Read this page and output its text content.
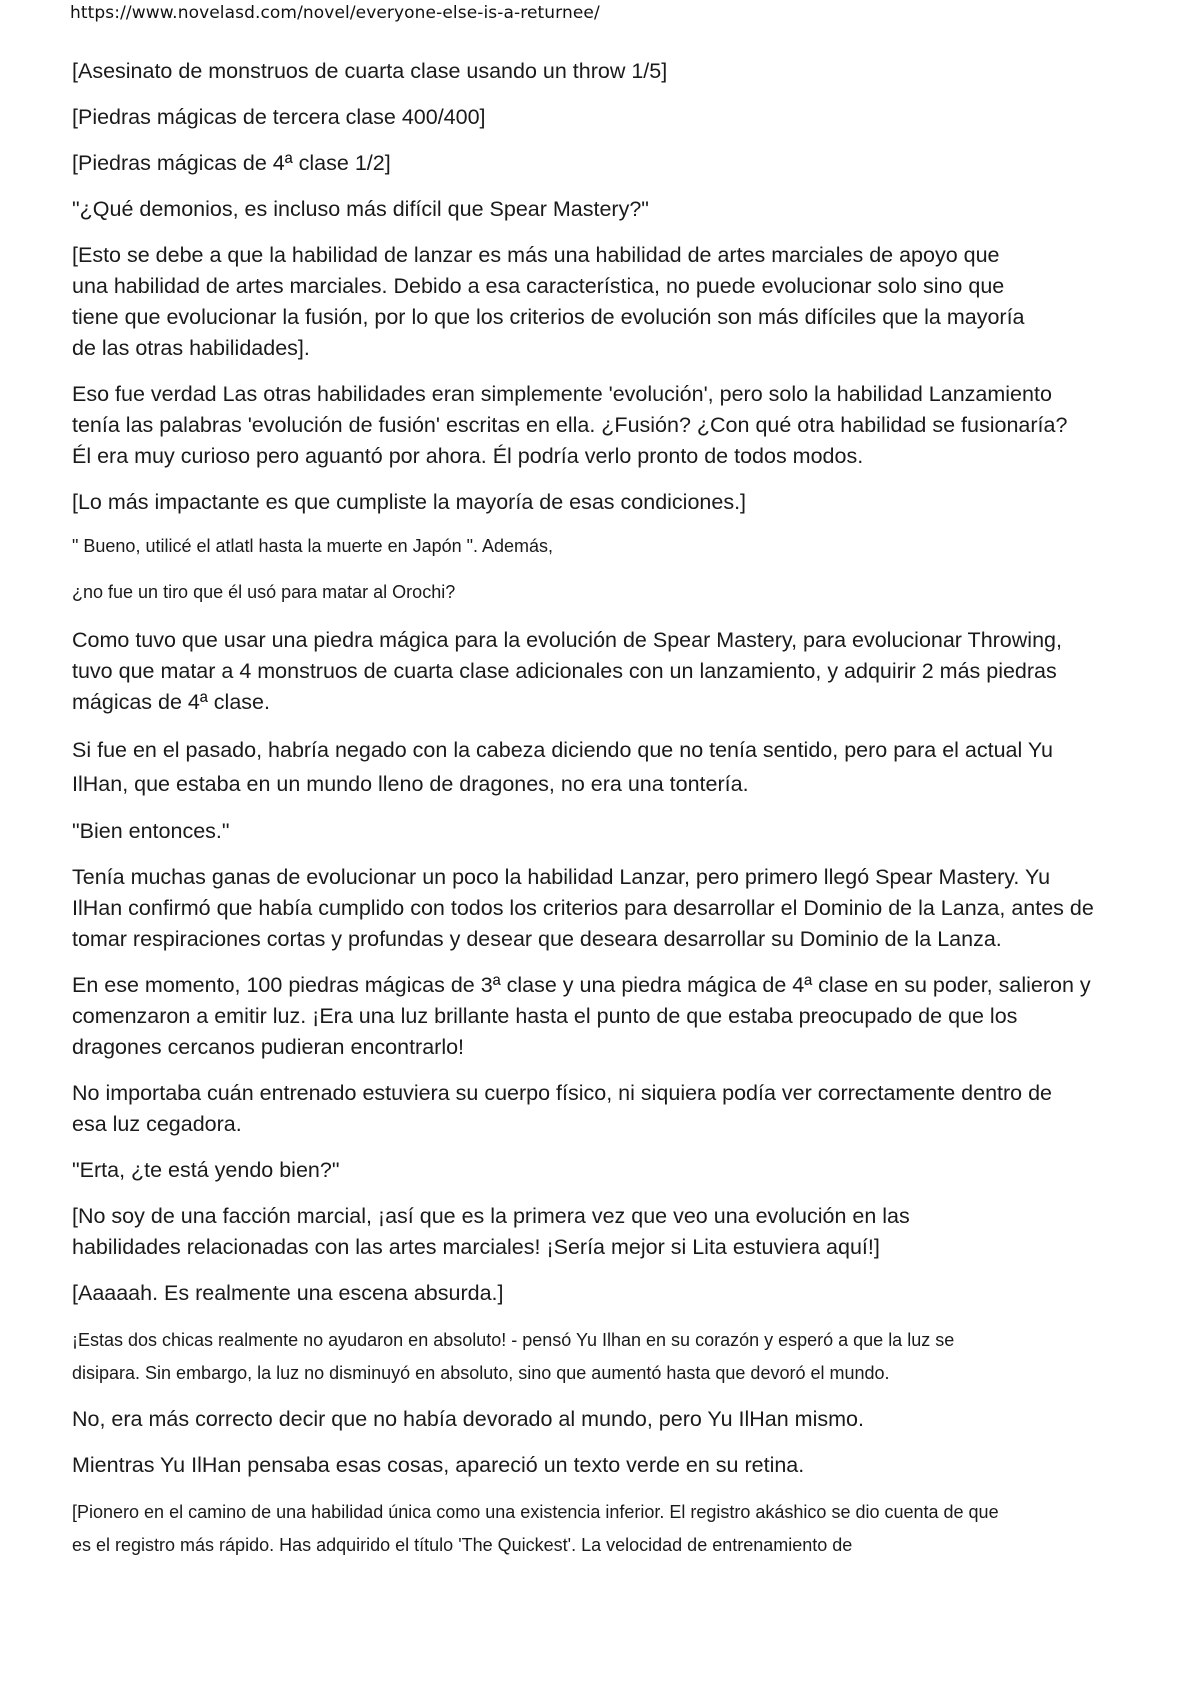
https://www.novelasd.com/novel/everyone-else-is-a-returnee/

[Asesinato de monstruos de cuarta clase usando un throw 1/5]

[Piedras mágicas de tercera clase 400/400]

[Piedras mágicas de 4ª clase 1/2]

"¿Qué demonios, es incluso más difícil que Spear Mastery?"

[Esto se debe a que la habilidad de lanzar es más una habilidad de artes marciales de apoyo que
una habilidad de artes marciales. Debido a esa característica, no puede evolucionar solo sino que
tiene que evolucionar la fusión, por lo que los criterios de evolución son más difíciles que la mayoría
de las otras habilidades].

Eso fue verdad Las otras habilidades eran simplemente 'evolución', pero solo la habilidad Lanzamiento
tenía las palabras 'evolución de fusión' escritas en ella. ¿Fusión? ¿Con qué otra habilidad se fusionaría?
Él era muy curioso pero aguantó por ahora. Él podría verlo pronto de todos modos.

[Lo más impactante es que cumpliste la mayoría de esas condiciones.]

" Bueno, utilicé el atlatl hasta la muerte en Japón ". Además,

¿no fue un tiro que él usó para matar al Orochi?

Como tuvo que usar una piedra mágica para la evolución de Spear Mastery, para evolucionar Throwing,
tuvo que matar a 4 monstruos de cuarta clase adicionales con un lanzamiento, y adquirir 2 más piedras
mágicas de 4ª clase.

Si fue en el pasado, habría negado con la cabeza diciendo que no tenía sentido, pero para el actual Yu
IlHan, que estaba en un mundo lleno de dragones, no era una tontería.

"Bien entonces."

Tenía muchas ganas de evolucionar un poco la habilidad Lanzar, pero primero llegó Spear Mastery. Yu
IlHan confirmó que había cumplido con todos los criterios para desarrollar el Dominio de la Lanza, antes de
tomar respiraciones cortas y profundas y desear que deseara desarrollar su Dominio de la Lanza.

En ese momento, 100 piedras mágicas de 3ª clase y una piedra mágica de 4ª clase en su poder, salieron y
comenzaron a emitir luz. ¡Era una luz brillante hasta el punto de que estaba preocupado de que los
dragones cercanos pudieran encontrarlo!

No importaba cuán entrenado estuviera su cuerpo físico, ni siquiera podía ver correctamente dentro de
esa luz cegadora.

"Erta, ¿te está yendo bien?"

[No soy de una facción marcial, ¡así que es la primera vez que veo una evolución en las
habilidades relacionadas con las artes marciales! ¡Sería mejor si Lita estuviera aquí!]

[Aaaaah. Es realmente una escena absurda.]

¡Estas dos chicas realmente no ayudaron en absoluto! - pensó Yu Ilhan en su corazón y esperó a que la luz se
disipara. Sin embargo, la luz no disminuyó en absoluto, sino que aumentó hasta que devoró el mundo.

No, era más correcto decir que no había devorado al mundo, pero Yu IlHan mismo.

Mientras Yu IlHan pensaba esas cosas, apareció un texto verde en su retina.

[Pionero en el camino de una habilidad única como una existencia inferior. El registro akáshico se dio cuenta de que
es el registro más rápido. Has adquirido el título 'The Quickest'. La velocidad de entrenamiento de
